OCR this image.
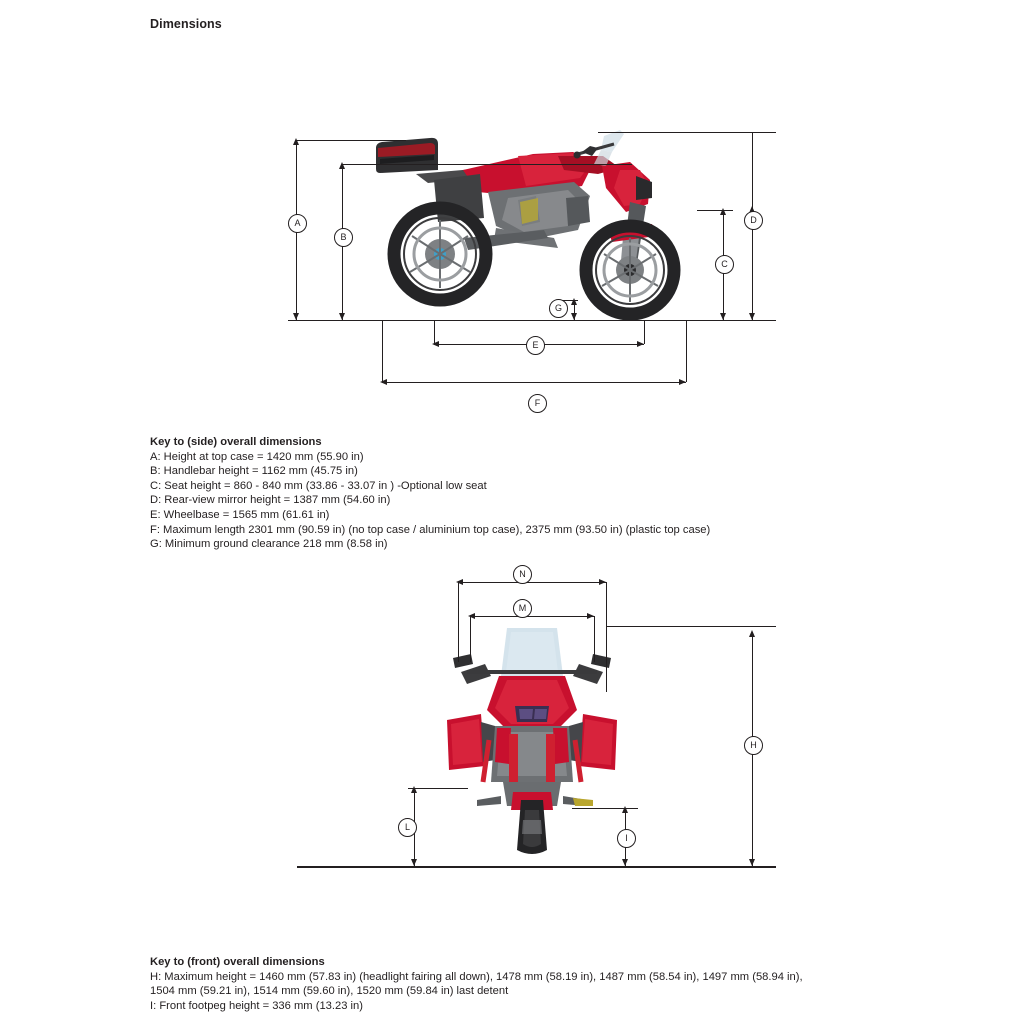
Dimensions
A
B
D
C
G
E
F
Key to (side) overall dimensions
A: Height at top case = 1420 mm (55.90 in)
B: Handlebar height = 1162 mm (45.75 in)
C: Seat height = 860 - 840 mm (33.86 - 33.07 in ) -Optional low seat
D: Rear-view mirror height = 1387 mm (54.60 in)
E: Wheelbase = 1565 mm (61.61 in)
F: Maximum length 2301 mm (90.59 in) (no top case / aluminium top case), 2375 mm (93.50 in) (plastic top case)
G: Minimum ground clearance 218 mm (8.58 in)
N
M
H
L
I
Key to (front) overall dimensions
H: Maximum height = 1460 mm (57.83 in) (headlight fairing all down), 1478 mm (58.19 in), 1487 mm (58.54 in), 1497 mm (58.94 in),
1504 mm (59.21 in), 1514 mm (59.60 in), 1520 mm (59.84 in) last detent
I: Front footpeg height = 336 mm (13.23 in)
